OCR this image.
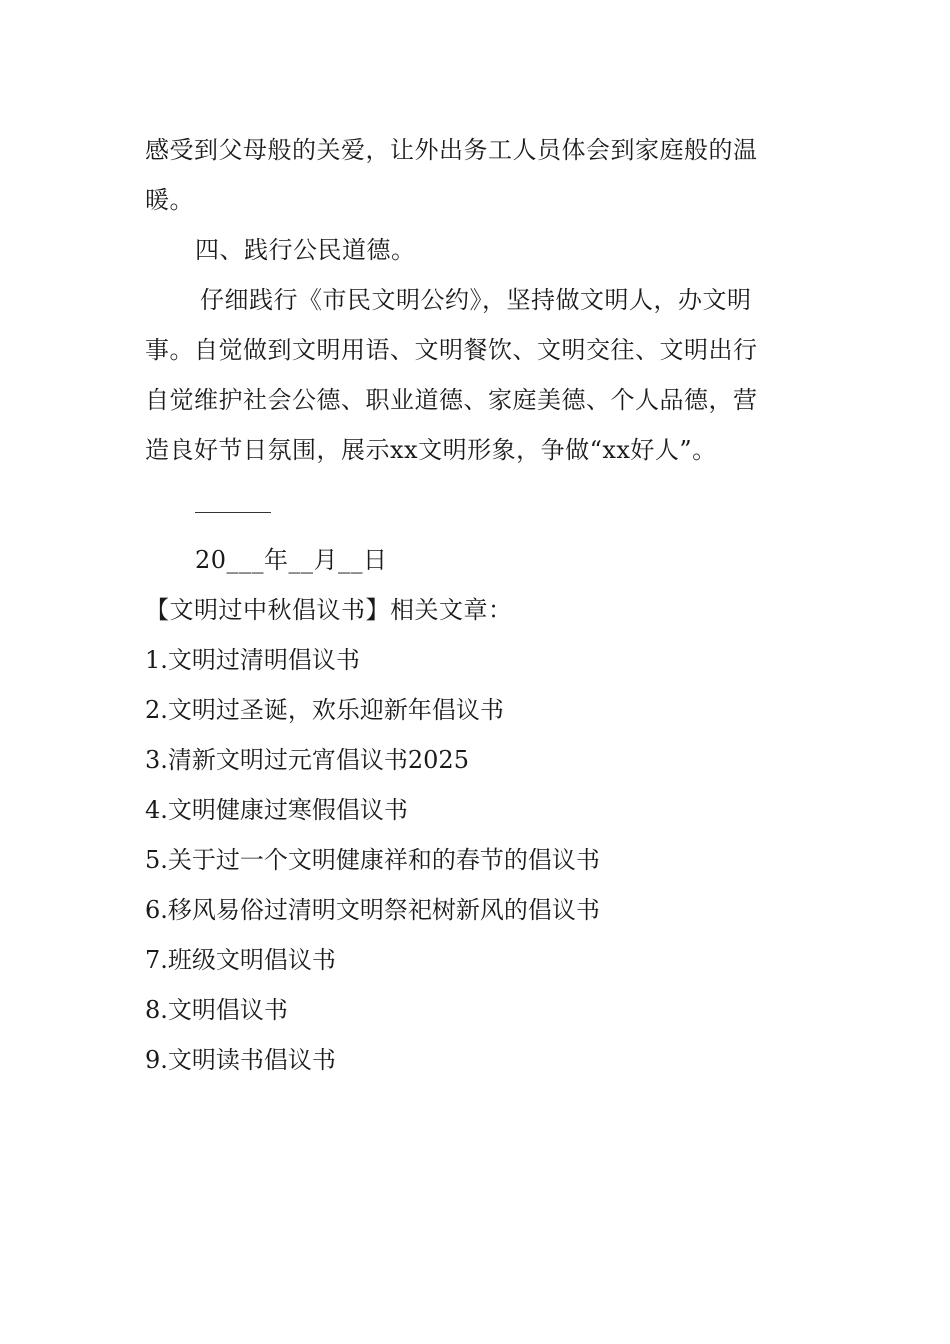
感受到父母般的关爱，让外出务工人员体会到家庭般的温
暖。
四、践行公民道德。
仔细践行《市民文明公约》，坚持做文明人，办文明
事。自觉做到文明用语、文明餐饮、文明交往、文明出行
自觉维护社会公德、职业道德、家庭美德、个人品德，营
造良好节日氛围，展示xx文明形象，争做“xx好人”。
20___年__月__日
【文明过中秋倡议书】相关文章：
1.文明过清明倡议书
2.文明过圣诞，欢乐迎新年倡议书
3.清新文明过元宵倡议书2025
4.文明健康过寒假倡议书
5.关于过一个文明健康祥和的春节的倡议书
6.移风易俗过清明文明祭祀树新风的倡议书
7.班级文明倡议书
8.文明倡议书
9.文明读书倡议书
